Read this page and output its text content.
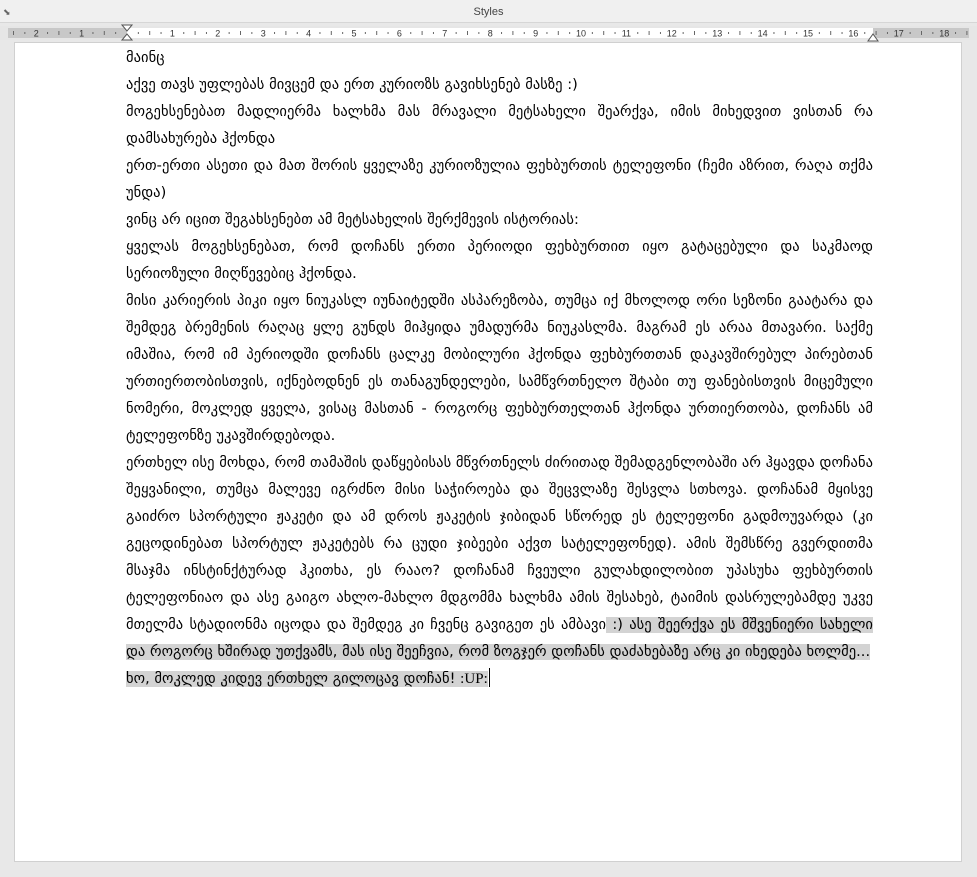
⬊	Styles
2	1	1	2	3	4	5	6	7	8	9	10	11	12	13	14	15	16	17	18

მაინც

აქვე თავს უფლებას მივცემ და ერთ კურიოზს გავიხსენებ მასზე :)

მოგეხსენებათ მადლიერმა ხალხმა მას მრავალი მეტსახელი შეარქვა, იმის მიხედვით ვისთან რა დამსახურება ჰქონდა

ერთ-ერთი ასეთი და მათ შორის ყველაზე კურიოზულია ფეხბურთის ტელეფონი (ჩემი აზრით, რაღა თქმა უნდა)

ვინც არ იცით შეგახსენებთ ამ მეტსახელის შერქმევის ისტორიას:

ყველას მოგეხსენებათ, რომ დოჩანს ერთი პერიოდი ფეხბურთით იყო გატაცებული და საკმაოდ სერიოზული მიღწევებიც ჰქონდა.

მისი კარიერის პიკი იყო ნიუკასლ იუნაიტედში ასპარეზობა, თუმცა იქ მხოლოდ ორი სეზონი გაატარა და შემდეგ ბრემენის რაღაც ყლე გუნდს მიჰყიდა უმადურმა ნიუკასლმა. მაგრამ ეს არაა მთავარი. საქმე იმაშია, რომ იმ პერიოდში დოჩანს ცალკე მობილური ჰქონდა ფეხბურთთან დაკავშირებულ პირებთან ურთიერთობისთვის, იქნებოდნენ ეს თანაგუნდელები, სამწვრთნელო შტაბი თუ ფანებისთვის მიცემული ნომერი, მოკლედ ყველა, ვისაც მასთან - როგორც ფეხბურთელთან ჰქონდა ურთიერთობა, დოჩანს ამ ტელეფონზე უკავშირდებოდა.

ერთხელ ისე მოხდა, რომ თამაშის დაწყებისას მწვრთნელს ძირითად შემადგენლობაში არ ჰყავდა დოჩანა შეყვანილი, თუმცა მალევე იგრძნო მისი საჭიროება და შეცვლაზე შესვლა სთხოვა. დოჩანამ მყისვე გაიძრო სპორტული ჟაკეტი და ამ დროს ჟაკეტის ჯიბიდან სწორედ ეს ტელეფონი გადმოუვარდა (კი გეცოდინებათ სპორტულ ჟაკეტებს რა ცუდი ჯიბეები აქვთ სატელეფონედ). ამის შემსწრე გვერდითმა მსაჯმა ინსტინქტურად ჰკითხა, ეს რააო? დოჩანამ ჩვეული გულახდილობით უპასუხა ფეხბურთის ტელეფონიაო და ასე გაიგო ახლო-მახლო მდგომმა ხალხმა ამის შესახებ, ტაიმის დასრულებამდე უკვე მთელმა სტადიონმა იცოდა და შემდეგ კი ჩვენც გავიგეთ ეს ამბავი :) ასე შეერქვა ეს მშვენიერი სახელი და როგორც ხშირად უთქვამს, მას ისე შეეჩვია, რომ ზოგჯერ დოჩანს დაძახებაზე არც კი იხედება ხოლმე...

ხო, მოკლედ კიდევ ერთხელ გილოცავ დოჩან! :UP:
